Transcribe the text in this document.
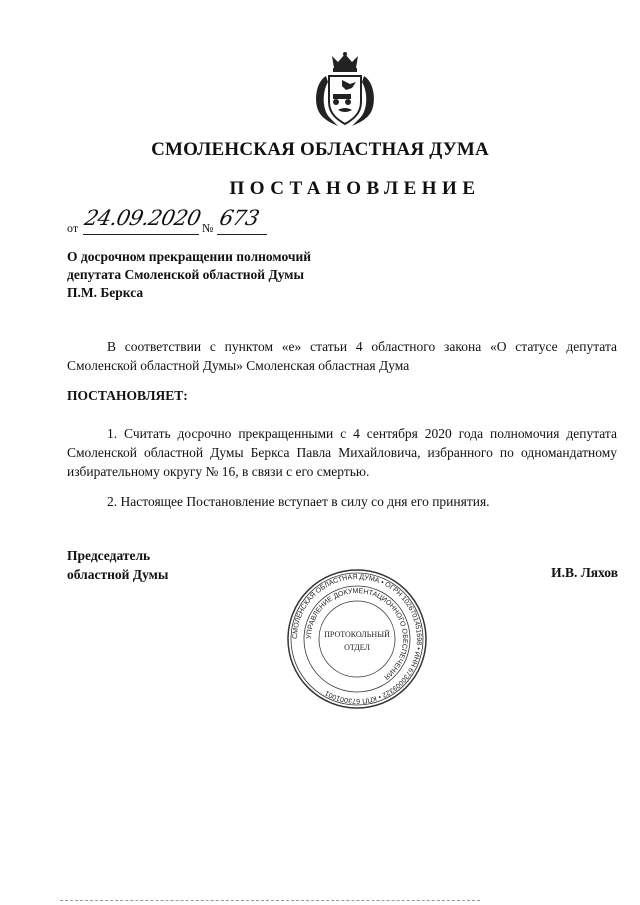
СМОЛЕНСКАЯ ОБЛАСТНАЯ ДУМА
ПОСТАНОВЛЕНИЕ
от 24.09.2020 № 673
О досрочном прекращении полномочий
депутата Смоленской областной Думы
П.М. Беркса
В соответствии с пунктом «е» статьи 4 областного закона «О статусе депутата Смоленской областной Думы» Смоленская областная Дума
ПОСТАНОВЛЯЕТ:
1. Считать досрочно прекращенными с 4 сентября 2020 года полномочия депутата Смоленской областной Думы Беркса Павла Михайловича, избранного по одномандатному избирательному округу № 16, в связи с его смертью.
2. Настоящее Постановление вступает в силу со дня его принятия.
Председатель
областной Думы	И.В. Ляхов
СМОЛЕНСКАЯ ОБЛАСТНАЯ ДУМА • ОГРН 1026701451698 • ИНН 6730009322 • КПП 673001001
УПРАВЛЕНИЕ ДОКУМЕНТАЦИОННОГО ОБЕСПЕЧЕНИЯ
ПРОТОКОЛЬНЫЙ
ОТДЕЛ
